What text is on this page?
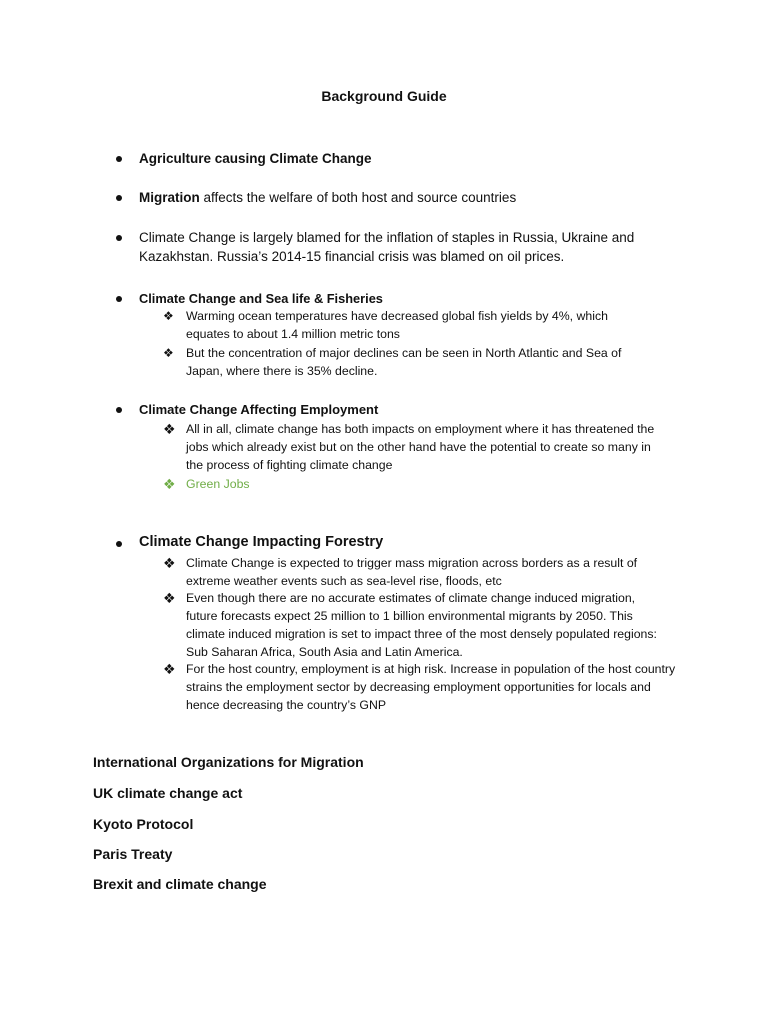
Background Guide
Agriculture causing Climate Change
Migration affects the welfare of both host and source countries
Climate Change is largely blamed for the inflation of staples in Russia, Ukraine and Kazakhstan. Russia’s 2014-15 financial crisis was blamed on oil prices.
Climate Change and Sea life & Fisheries
❖ Warming ocean temperatures have decreased global fish yields by 4%, which equates to about 1.4 million metric tons
❖ But the concentration of major declines can be seen in North Atlantic and Sea of Japan, where there is 35% decline.
Climate Change Affecting Employment
❖ All in all, climate change has both impacts on employment where it has threatened the jobs which already exist but on the other hand have the potential to create so many in the process of fighting climate change
❖ Green Jobs
Climate Change Impacting Forestry
❖ Climate Change is expected to trigger mass migration across borders as a result of extreme weather events such as sea-level rise, floods, etc
❖ Even though there are no accurate estimates of climate change induced migration, future forecasts expect 25 million to 1 billion environmental migrants by 2050. This climate induced migration is set to impact three of the most densely populated regions: Sub Saharan Africa, South Asia and Latin America.
❖ For the host country, employment is at high risk. Increase in population of the host country strains the employment sector by decreasing employment opportunities for locals and hence decreasing the country’s GNP
International Organizations for Migration
UK climate change act
Kyoto Protocol
Paris Treaty
Brexit and climate change
